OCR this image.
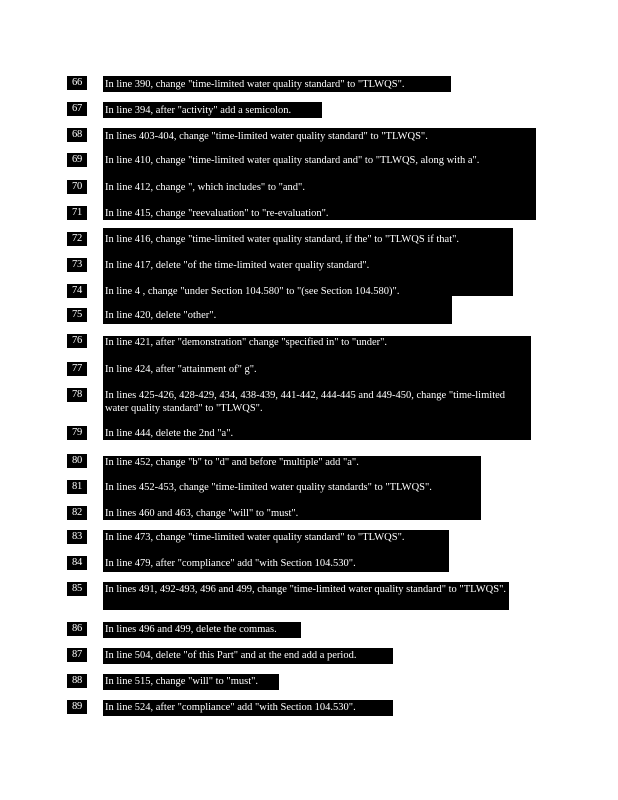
66	In line 390, change "time-limited water quality standard" to "TLWQS".
67	In line 394, after "activity" add a semicolon.
68	In lines 403-404, change "time-limited water quality standard" to "TLWQS".
69	In line 410, change "time-limited water quality standard and" to "TLWQS, along with a".
70	In line 412, change ", which includes" to "and".
71	In line 415, change "reevaluation" to "re-evaluation".
72	In line 416, change "time-limited water quality standard, if the" to "TLWQS if that".
73	In line 417, delete "of the time-limited water quality standard".
74	In line 4 , change "under Section 104.580" to "(see Section 104.580)".
75	In line 420, delete "other".
76	In line 421, after "demonstration" change "specified in" to "under".
77	In line 424, after "attainment of" g".
78	In lines 425-426, 428-429, 434, 438-439, 441-442, 444-445 and 449-450, change "time-limited water quality standard" to "TLWQS".
79	In line 444, delete the 2nd "a".
80	In line 452, change "b" to "d" and before "multiple" add "a".
81	In lines 452-453, change "time-limited water quality standards" to "TLWQS".
82	In lines 460 and 463, change "will" to "must".
83	In line 473, change "time-limited water quality standard" to "TLWQS".
84	In line 479, after "compliance" add "with Section 104.530".
85	In lines 491, 492-493, 496 and 499, change "time-limited water quality standard" to "TLWQS".
86	In lines 496 and 499, delete the commas.
87	In line 504, delete "of this Part" and at the end add a period.
88	In line 515, change "will" to "must".
89	In line 524, after "compliance" add "with Section 104.530".
